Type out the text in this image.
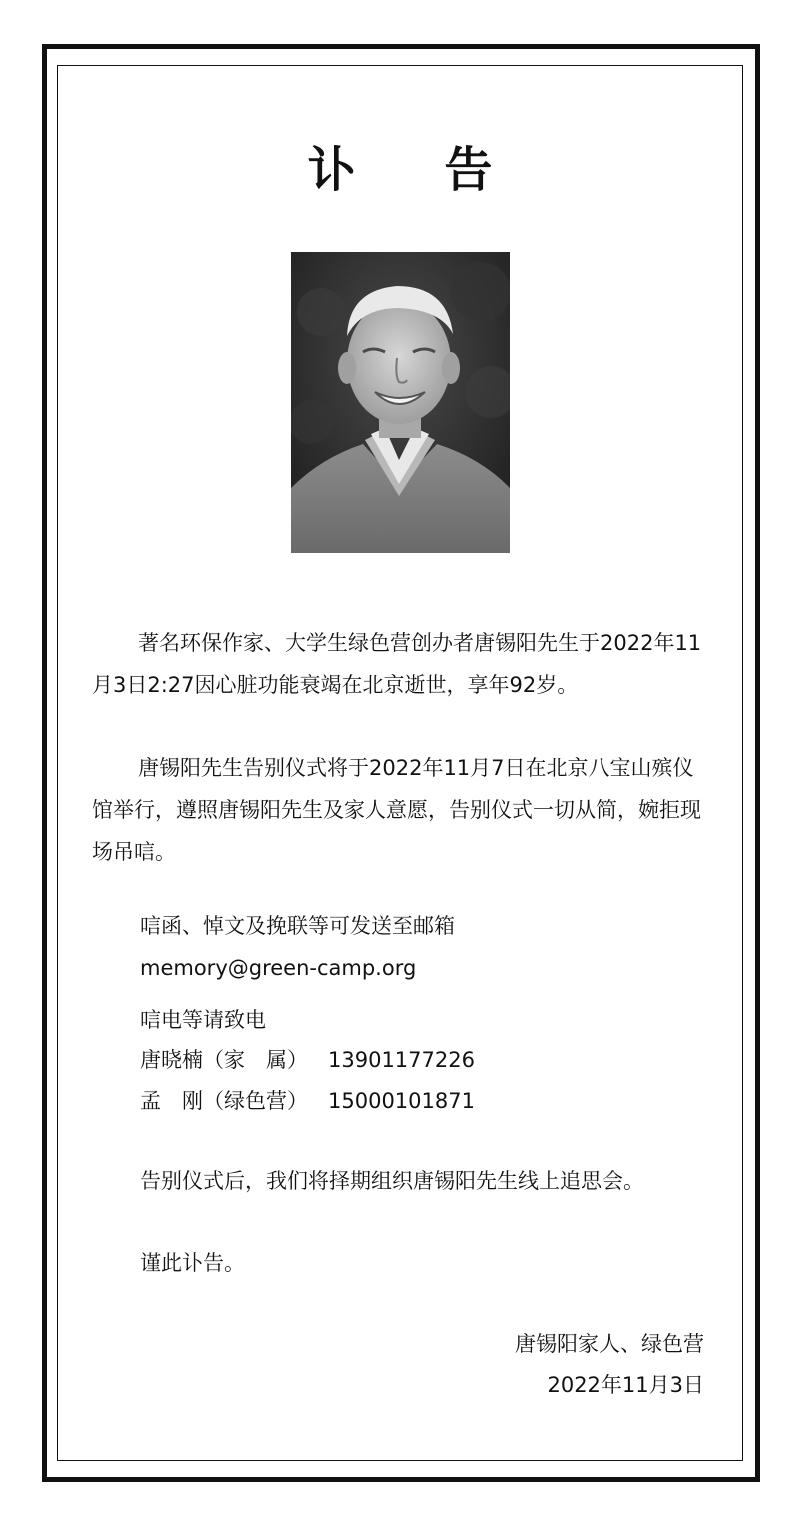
讣 告

著名环保作家、大学生绿色营创办者唐锡阳先生于2022年11月3日2:27因心脏功能衰竭在北京逝世，享年92岁。

唐锡阳先生告别仪式将于2022年11月7日在北京八宝山殡仪馆举行，遵照唐锡阳先生及家人意愿，告别仪式一切从简，婉拒现场吊唁。

唁函、悼文及挽联等可发送至邮箱
memory@green-camp.org
唁电等请致电
唐晓楠（家　属） 13901177226
孟　刚（绿色营） 15000101871
告别仪式后，我们将择期组织唐锡阳先生线上追思会。
谨此讣告。
唐锡阳家人、绿色营
2022年11月3日
